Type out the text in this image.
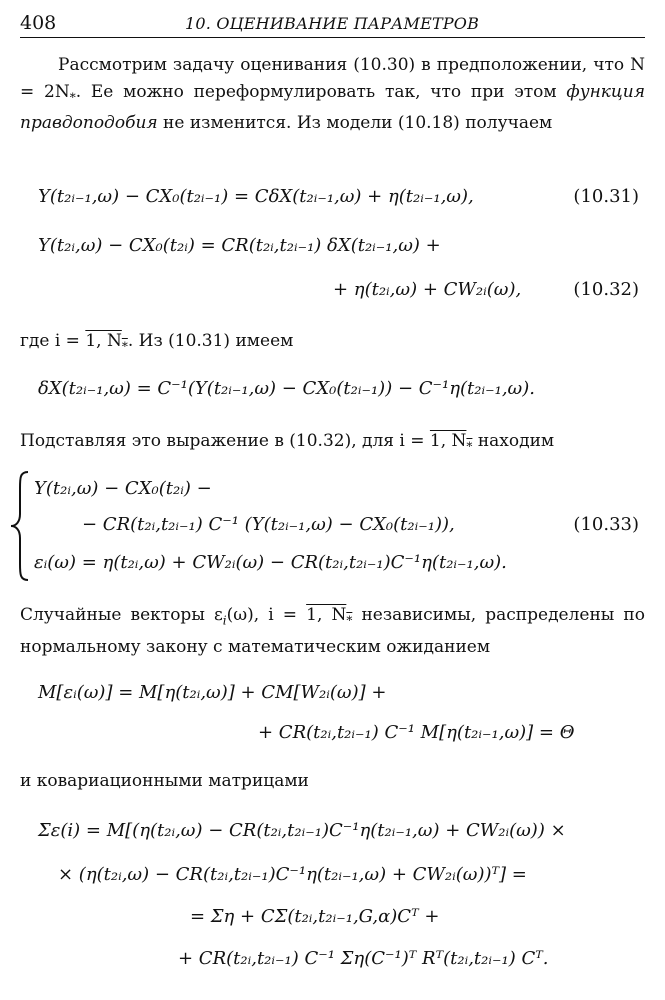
408	10. ОЦЕНИВАНИЕ ПАРАМЕТРОВ

Рассмотрим задачу оценивания (10.30) в предположении, что $N = 2N_*$. Ее можно переформулировать так, что при этом функция правдоподобия не изменится. Из модели (10.18) получаем

Y(t₂ᵢ₋₁,ω) − CX₀(t₂ᵢ₋₁) = CδX(t₂ᵢ₋₁,ω) + η(t₂ᵢ₋₁,ω),	(10.31)
Y(t₂ᵢ,ω) − CX₀(t₂ᵢ) = CR(t₂ᵢ,t₂ᵢ₋₁) δX(t₂ᵢ₋₁,ω) +
+ η(t₂ᵢ,ω) + CW₂ᵢ(ω),	(10.32)

где i = 1, $N_*$. Из (10.31) имеем

δX(t₂ᵢ₋₁,ω) = C⁻¹(Y(t₂ᵢ₋₁,ω) − CX₀(t₂ᵢ₋₁)) − C⁻¹η(t₂ᵢ₋₁,ω).

Подставляя это выражение в (10.32), для i = 1, $N_*$ находим

Y(t₂ᵢ,ω) − CX₀(t₂ᵢ) −
− CR(t₂ᵢ,t₂ᵢ₋₁) C⁻¹ (Y(t₂ᵢ₋₁,ω) − CX₀(t₂ᵢ₋₁)),	(10.33)
εᵢ(ω) = η(t₂ᵢ,ω) + CW₂ᵢ(ω) − CR(t₂ᵢ,t₂ᵢ₋₁)C⁻¹η(t₂ᵢ₋₁,ω).

Случайные векторы $\varepsilon_i(\omega)$, i = 1, $N_*$ независимы, распределены по нормальному закону с математическим ожиданием

M[εᵢ(ω)] = M[η(t₂ᵢ,ω)] + CM[W₂ᵢ(ω)] +
+ CR(t₂ᵢ,t₂ᵢ₋₁) C⁻¹ M[η(t₂ᵢ₋₁,ω)] = Θ

и ковариационными матрицами

Σε(i) = M[(η(t₂ᵢ,ω) − CR(t₂ᵢ,t₂ᵢ₋₁)C⁻¹η(t₂ᵢ₋₁,ω) + CW₂ᵢ(ω)) ×
× (η(t₂ᵢ,ω) − CR(t₂ᵢ,t₂ᵢ₋₁)C⁻¹η(t₂ᵢ₋₁,ω) + CW₂ᵢ(ω))ᵀ] =
= Ση + CΣ(t₂ᵢ,t₂ᵢ₋₁,G,α)Cᵀ +
+ CR(t₂ᵢ,t₂ᵢ₋₁) C⁻¹ Ση(C⁻¹)ᵀ Rᵀ(t₂ᵢ,t₂ᵢ₋₁) Cᵀ.
